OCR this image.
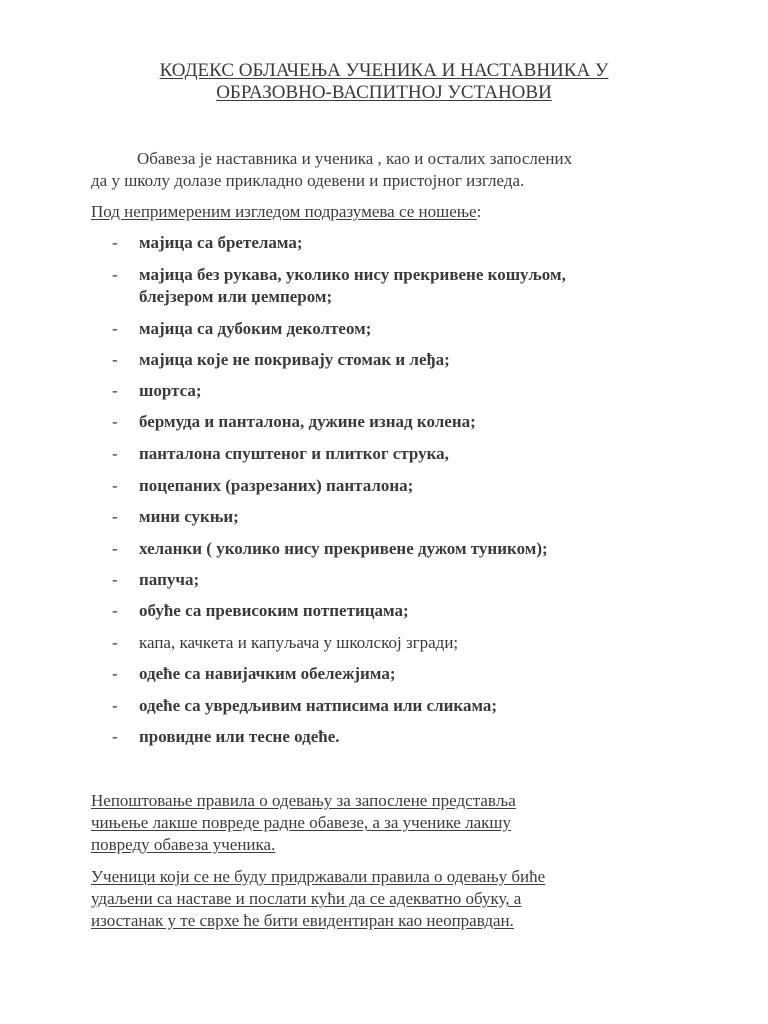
КОДЕКС ОБЛАЧЕЊА УЧЕНИКА И НАСТАВНИКА У
ОБРАЗОВНО-ВАСПИТНОЈ УСТАНОВИ
Обавеза је наставника и ученика , као и осталих запослених
да у школу долазе прикладно одевени и пристојног изгледа.
Под непримереним изгледом подразумева се ношење:
- мајица са бретелама;
- мајица без рукава, уколико нису прекривене кошуљом,
блејзером или џемпером;
- мајица са дубоким деколтеом;
- мајица које не покривају стомак и леђа;
- шортса;
- бермуда и панталона, дужине изнад колена;
- панталона спуштеног и плитког струка,
- поцепаних (разрезаних) панталона;
- мини сукњи;
- хеланки ( уколико нису прекривене дужом туником);
- папуча;
- обуће са превисоким потпетицама;
- капа, качкета и капуљача у школској згради;
- одеће са навијачким обележјима;
- одеће са увредљивим натписима или сликама;
- провидне или тесне одеће.
Непоштовање правила о одевању за запослене представља
чињење лакше повреде радне обавезе, а за ученике лакшу
повреду обавеза ученика.
Ученици који се не буду придржавали правила о одевању биће
удаљени са наставе и послати кући да се адекватно обуку, а
изостанак у те сврхе ће бити евидентиран као неоправдан.
